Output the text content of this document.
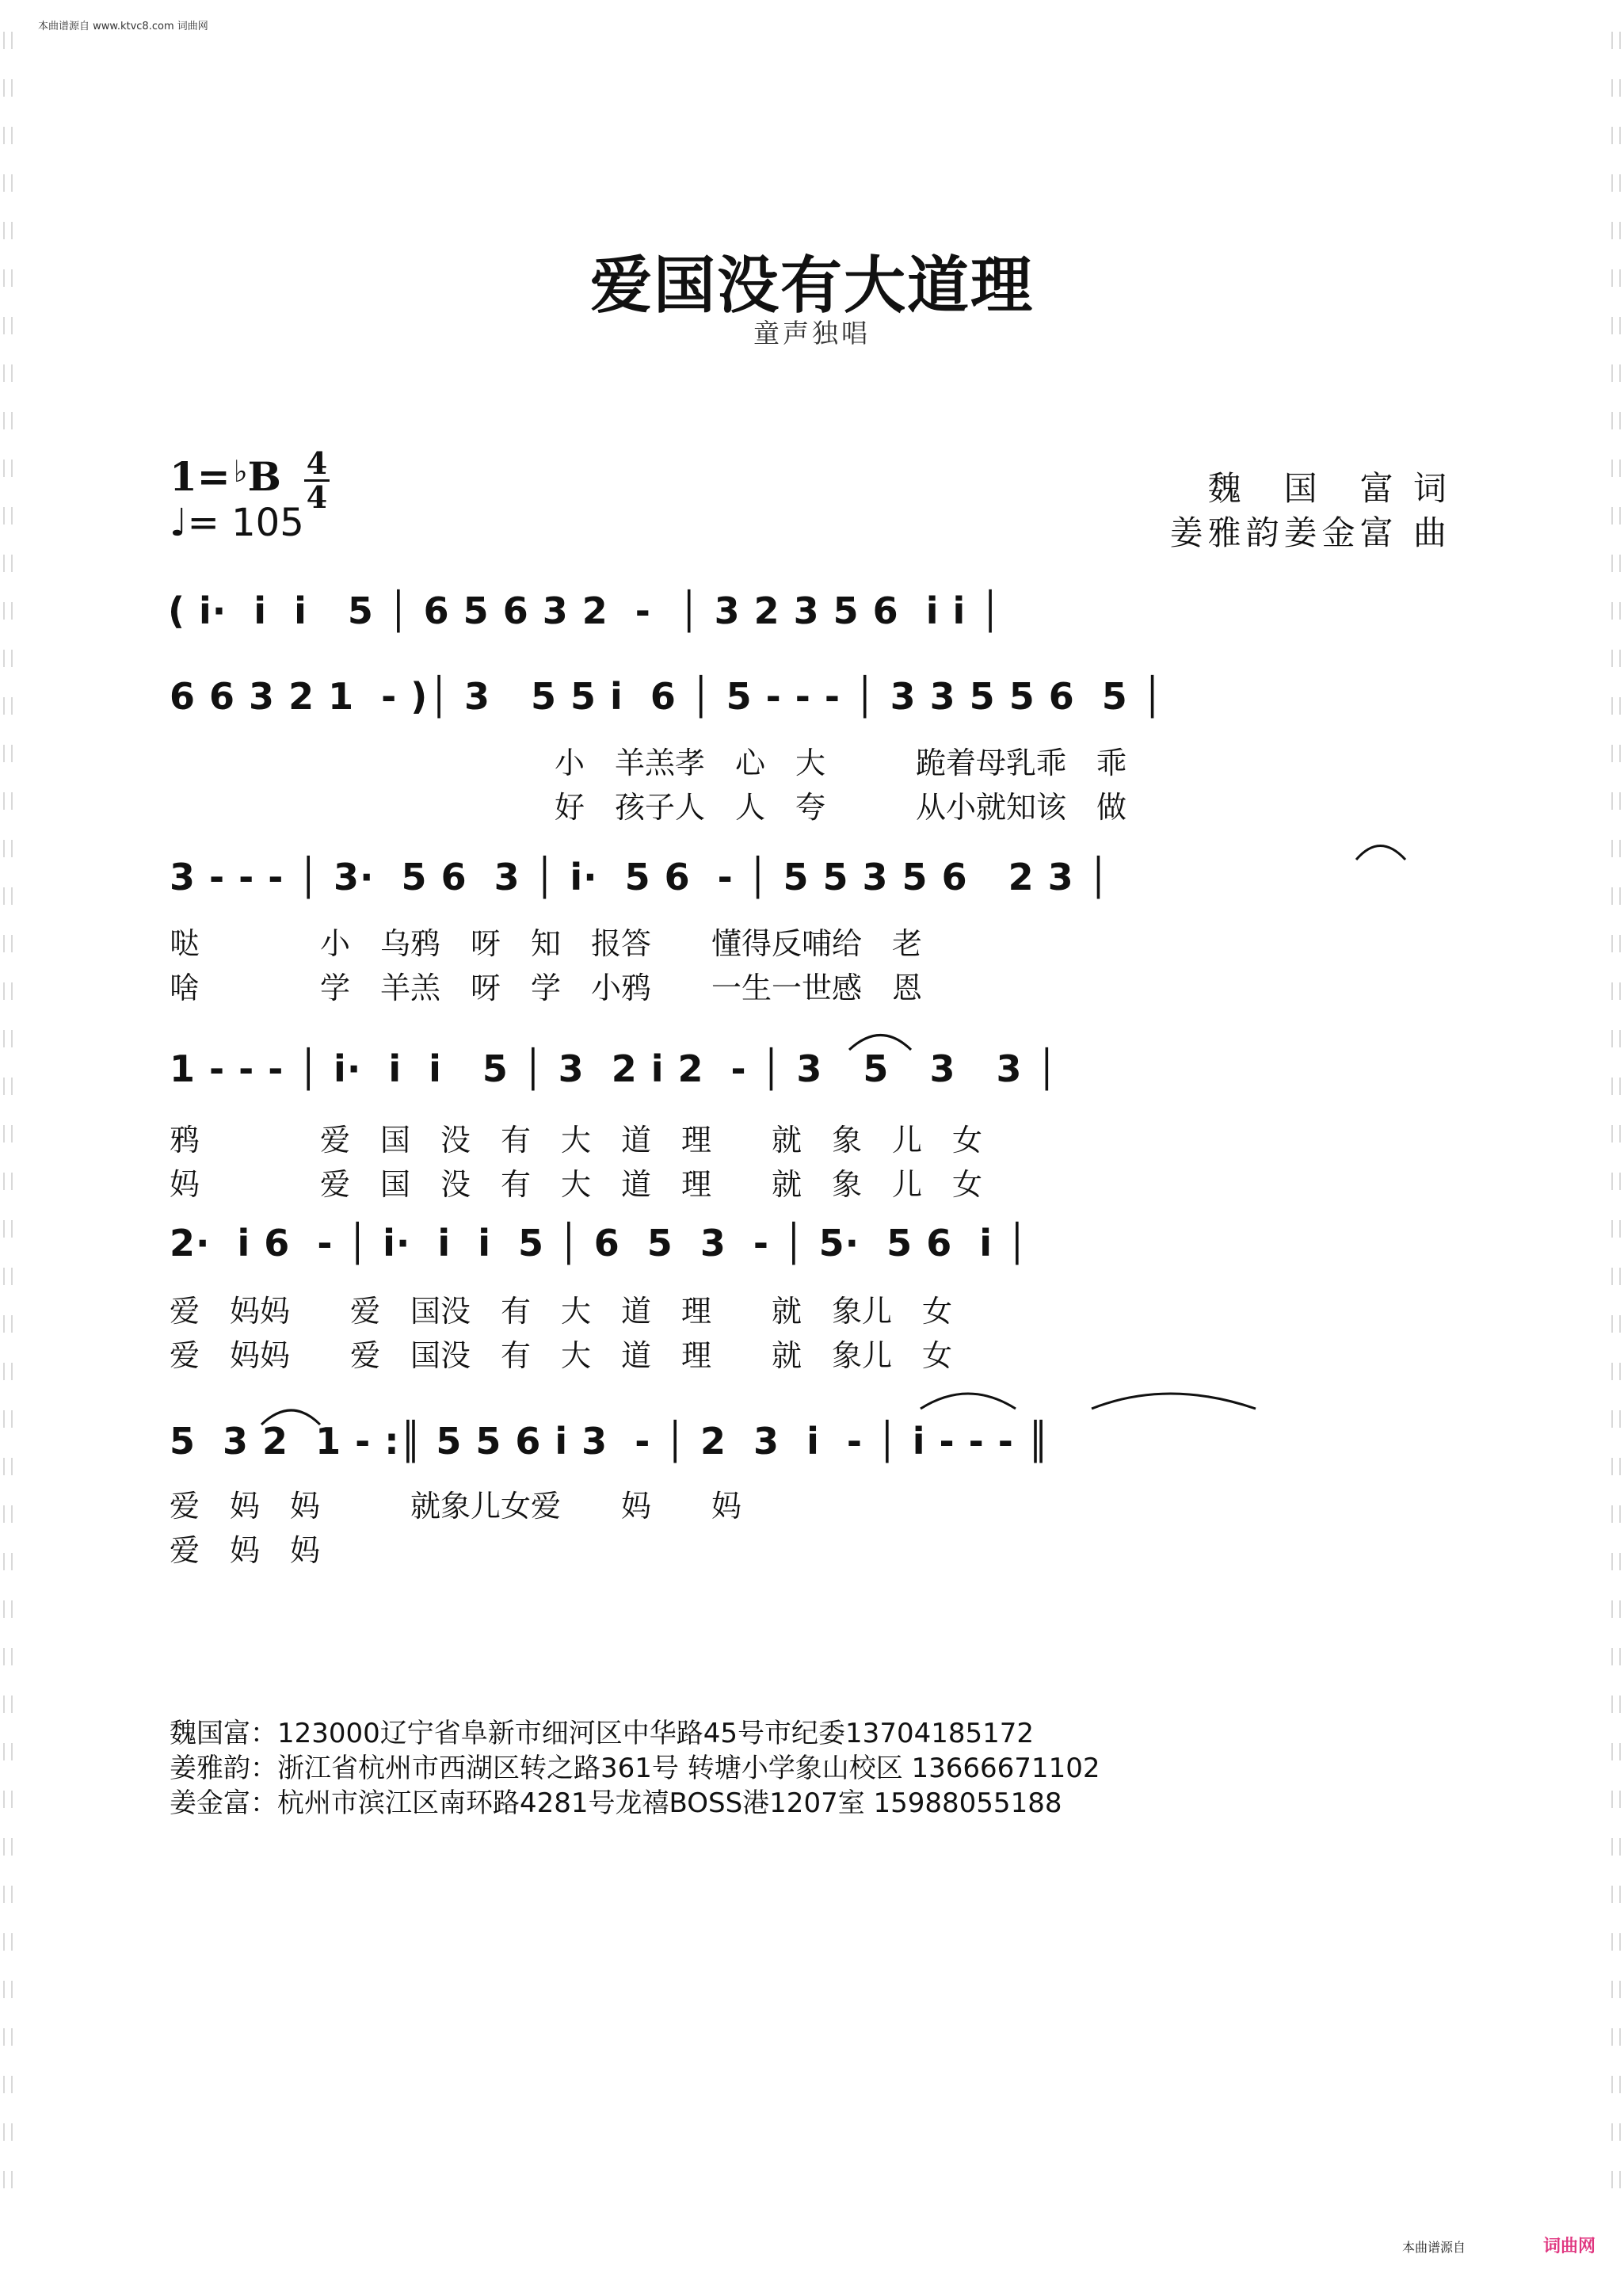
本曲谱源自 www.ktvc8.com 词曲网
爱国没有大道理
童声独唱
1= ♭B 4
4
♩= 105
魏　国　富 词
姜雅韵姜金富 曲
( i·  i  i   5 │ 6 5 6 3 2  -  │ 3 2 3 5 6  i i │
6 6 3 2 1  - )│ 3   5 5 i  6 │ 5 - - - │ 3 3 5 5 6  5 │
小　羊羔孝　心　大　　　跪着母乳乖　乖
好　孩子人　人　夸　　　从小就知该　做
3 - - - │ 3·  5 6  3 │ i·  5 6  - │ 5 5 3 5 6   2 3 │
哒　　　　小　乌鸦　呀　知　报答　　懂得反哺给　老
啥　　　　学　羊羔　呀　学　小鸦　　一生一世感　恩
1 - - - │ i·  i  i   5 │ 3  2 i 2  - │ 3   5   3   3 │
鸦　　　　爱　国　没　有　大　道　理　　就　象　儿　女
妈　　　　爱　国　没　有　大　道　理　　就　象　儿　女
2·  i 6  - │ i·  i  i  5 │ 6  5  3  - │ 5·  5 6  i │
爱　妈妈　　爱　国没　有　大　道　理　　就　象儿　女
爱　妈妈　　爱　国没　有　大　道　理　　就　象儿　女
5  3 2  1 - :║ 5 5 6 i 3  - │ 2  3  i  - │ i - - - ║
爱　妈　妈　　　就象儿女爱　　妈　　妈
爱　妈　妈
魏国富：123000辽宁省阜新市细河区中华路45号市纪委13704185172
姜雅韵：浙江省杭州市西湖区转之路361号 转塘小学象山校区 13666671102
姜金富：杭州市滨江区南环路4281号龙禧BOSS港1207室 15988055188
本曲谱源自	词曲网
